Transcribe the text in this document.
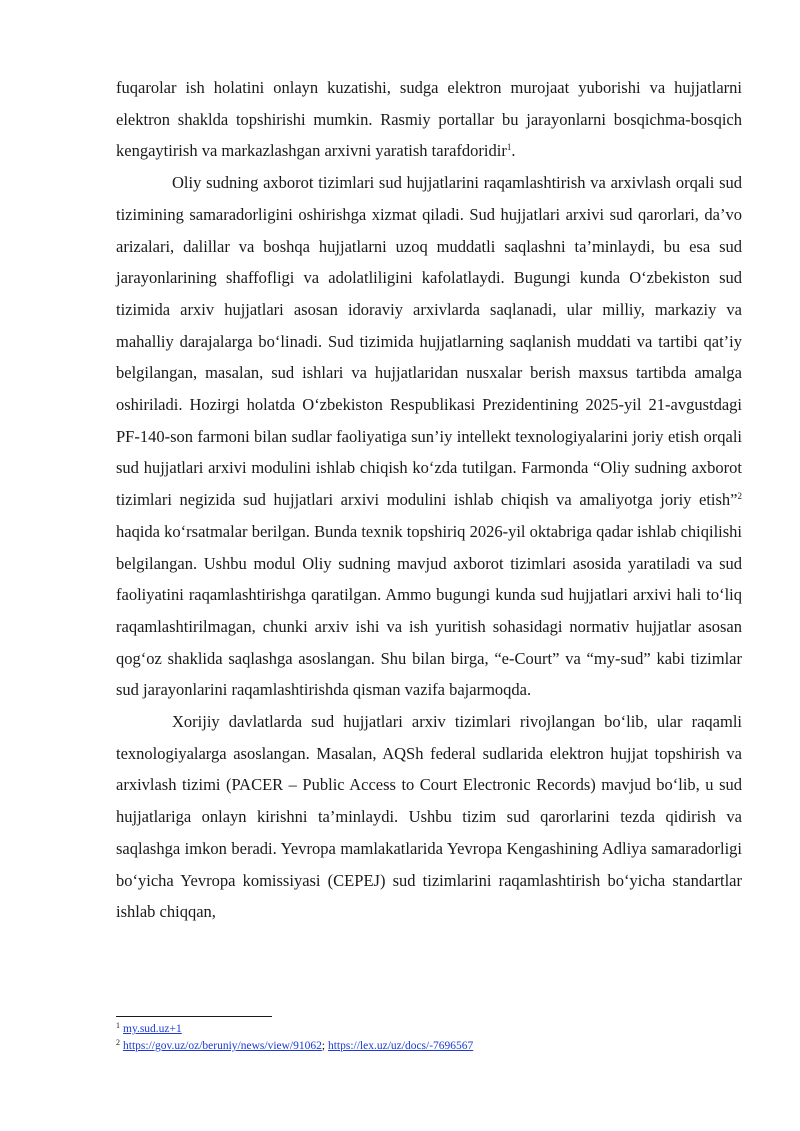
fuqarolar ish holatini onlayn kuzatishi, sudga elektron murojaat yuborishi va hujjatlarni elektron shaklda topshirishi mumkin. Rasmiy portallar bu jarayonlarni bosqichma-bosqich kengaytirish va markazlashgan arxivni yaratish tarafdoridir$^1$.

Oliy sudning axborot tizimlari sud hujjatlarini raqamlashtirish va arxivlash orqali sud tizimining samaradorligini oshirishga xizmat qiladi. Sud hujjatlari arxivi sud qarorlari, da’vo arizalari, dalillar va boshqa hujjatlarni uzoq muddatli saqlashni ta’minlaydi, bu esa sud jarayonlarining shaffofligi va adolatliligini kafolatlaydi. Bugungi kunda O‘zbekiston sud tizimida arxiv hujjatlari asosan idoraviy arxivlarda saqlanadi, ular milliy, markaziy va mahalliy darajalarga bo‘linadi. Sud tizimida hujjatlarning saqlanish muddati va tartibi qat’iy belgilangan, masalan, sud ishlari va hujjatlaridan nusxalar berish maxsus tartibda amalga oshiriladi. Hozirgi holatda O‘zbekiston Respublikasi Prezidentining 2025-yil 21-avgustdagi PF-140-son farmoni bilan sudlar faoliyatiga sun’iy intellekt texnologiyalarini joriy etish orqali sud hujjatlari arxivi modulini ishlab chiqish ko‘zda tutilgan. Farmonda “Oliy sudning axborot tizimlari negizida sud hujjatlari arxivi modulini ishlab chiqish va amaliyotga joriy etish”$^2$ haqida ko‘rsatmalar berilgan. Bunda texnik topshiriq 2026-yil oktabriga qadar ishlab chiqilishi belgilangan. Ushbu modul Oliy sudning mavjud axborot tizimlari asosida yaratiladi va sud faoliyatini raqamlashtirishga qaratilgan. Ammo bugungi kunda sud hujjatlari arxivi hali to‘liq raqamlashtirilmagan, chunki arxiv ishi va ish yuritish sohasidagi normativ hujjatlar asosan qog‘oz shaklida saqlashga asoslangan. Shu bilan birga, “e-Court” va “my-sud” kabi tizimlar sud jarayonlarini raqamlashtirishda qisman vazifa bajarmoqda.

Xorijiy davlatlarda sud hujjatlari arxiv tizimlari rivojlangan bo‘lib, ular raqamli texnologiyalarga asoslangan. Masalan, AQSh federal sudlarida elektron hujjat topshirish va arxivlash tizimi (PACER – Public Access to Court Electronic Records) mavjud bo‘lib, u sud hujjatlariga onlayn kirishni ta’minlaydi. Ushbu tizim sud qarorlarini tezda qidirish va saqlashga imkon beradi. Yevropa mamlakatlarida Yevropa Kengashining Adliya samaradorligi bo‘yicha Yevropa komissiyasi (CEPEJ) sud tizimlarini raqamlashtirish bo‘yicha standartlar ishlab chiqqan,

$^1$ my.sud.uz+1
$^2$ https://gov.uz/oz/beruniy/news/view/91062; https://lex.uz/uz/docs/-7696567
